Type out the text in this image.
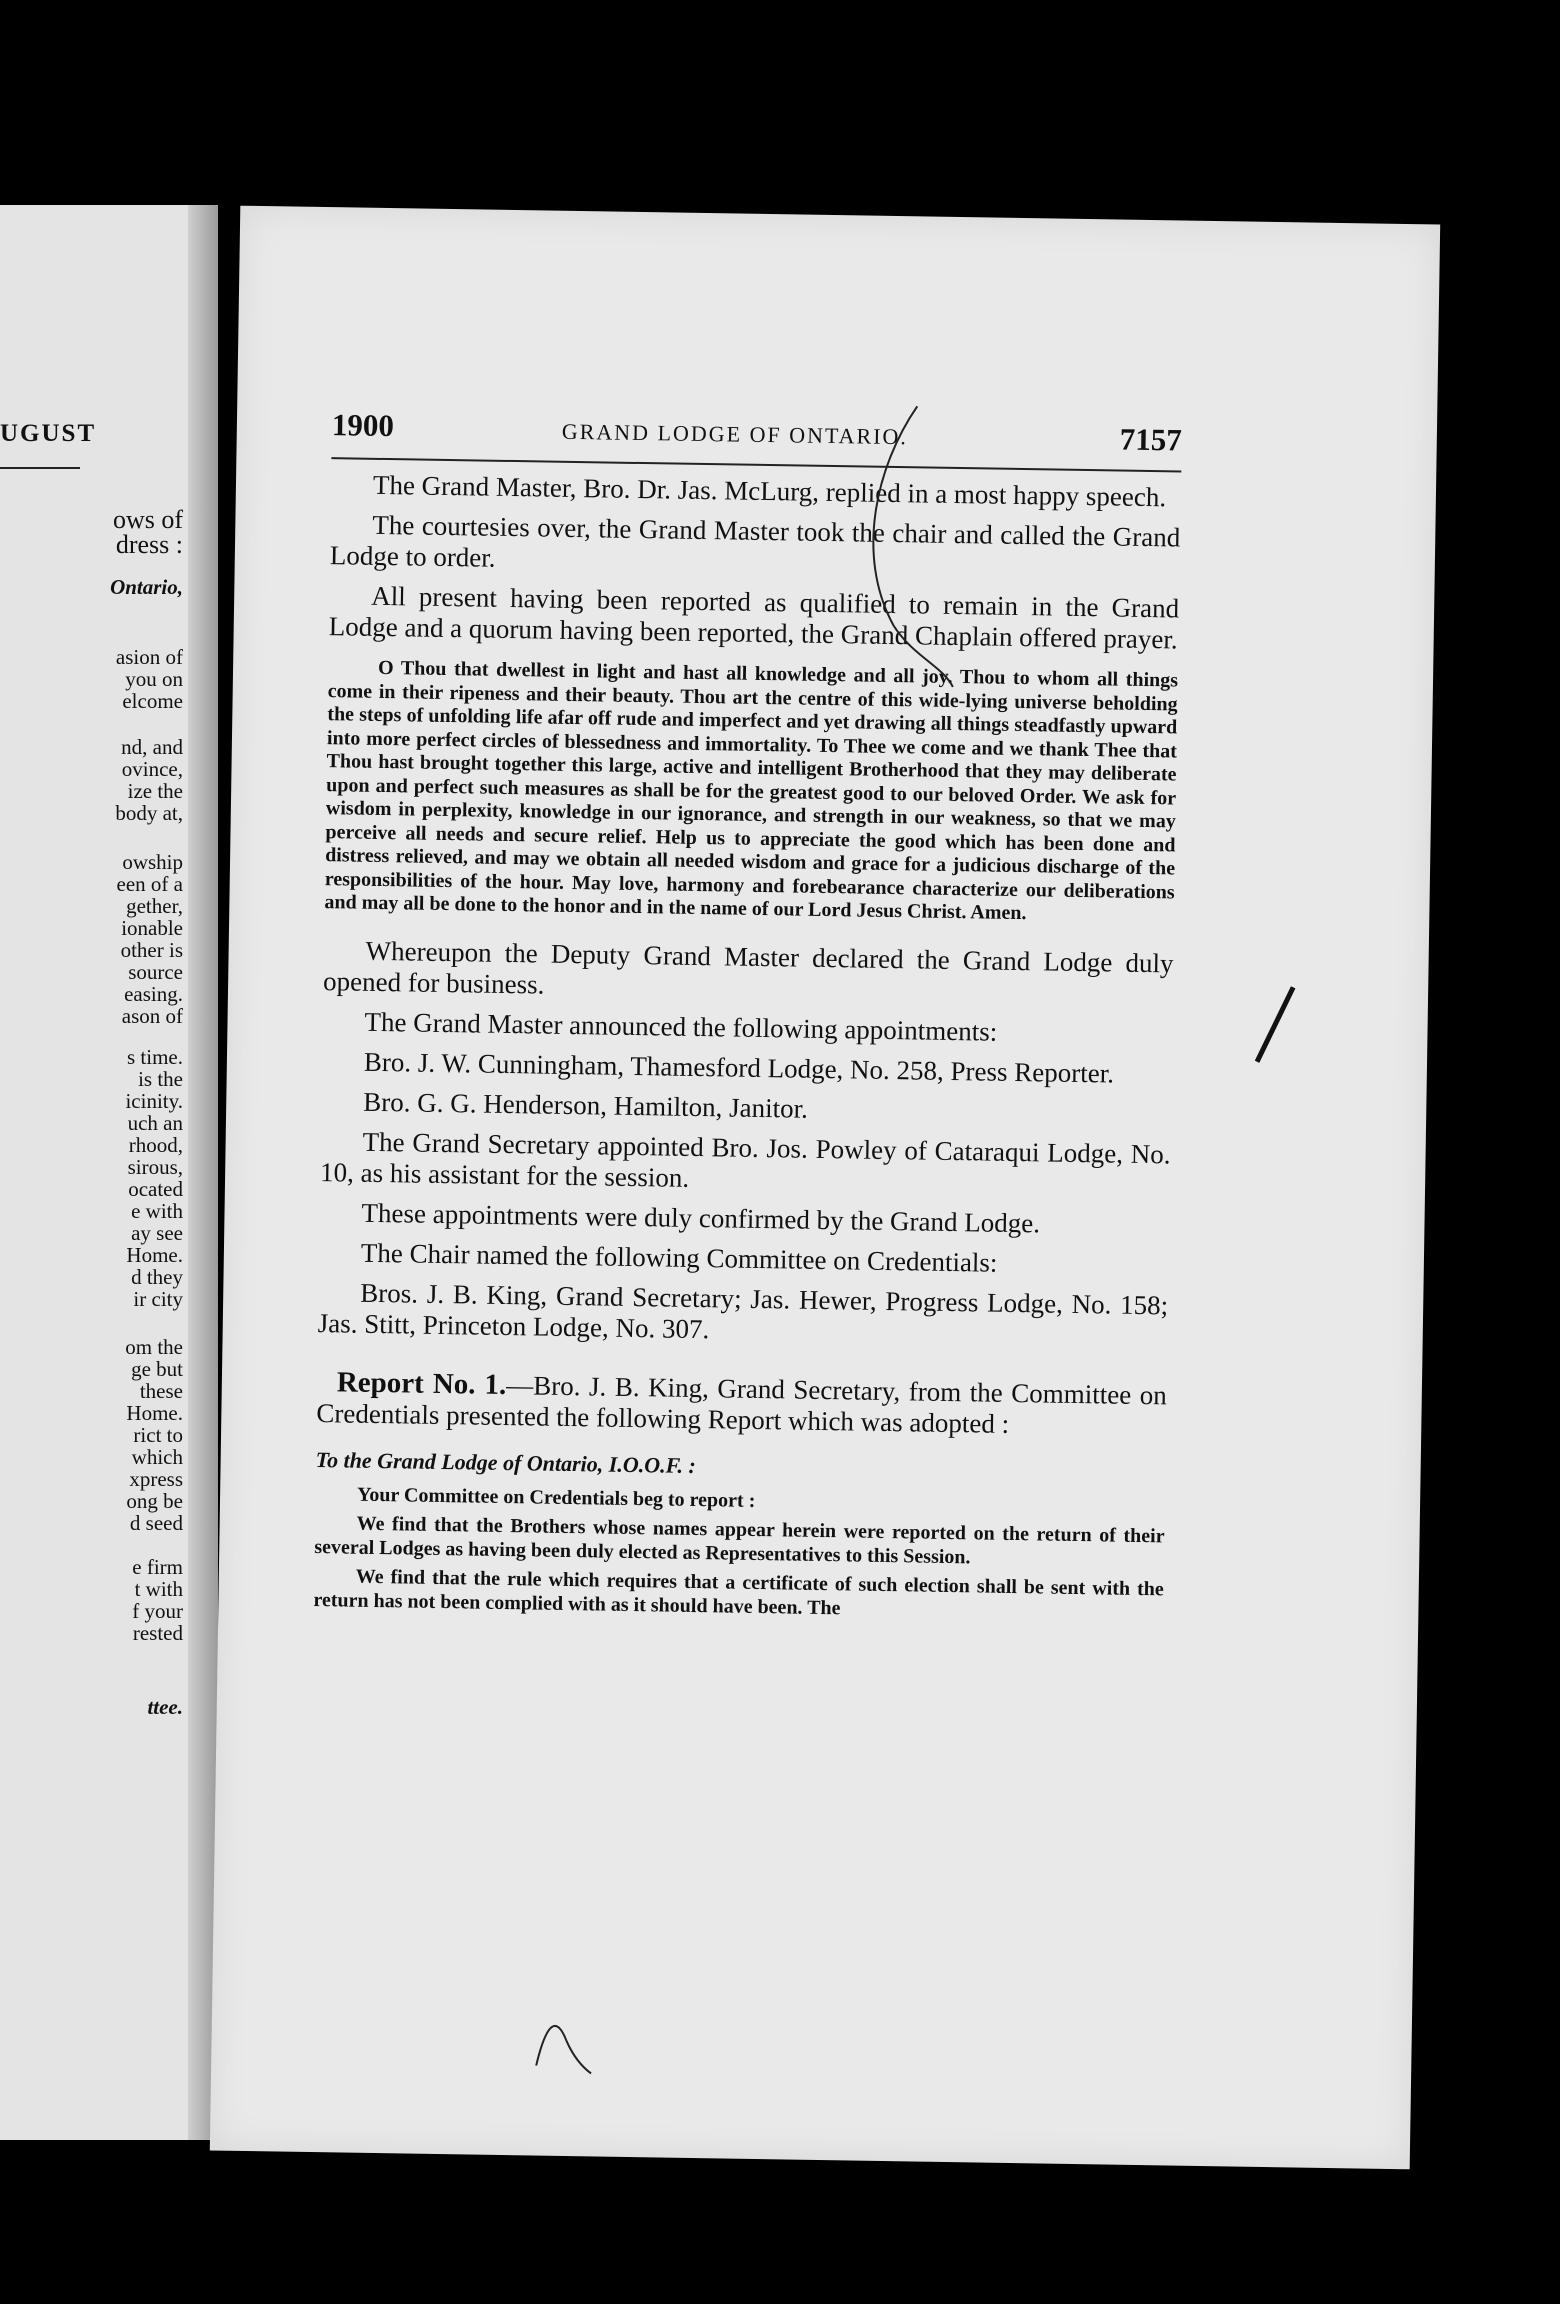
UGUST
ows of
dress :
Ontario,
asion of
you on
elcome
nd, and
ovince,
ize the
body at,
owship
een of a
gether,
ionable
other is
source
easing.
ason of
s time.
is the
icinity.
uch an
rhood,
sirous,
ocated
e with
ay see
Home.
d they
ir city
om the
ge but
these
Home.
rict to
which
xpress
ong be
d seed
e firm
t with
f your
rested
ttee.
1900	GRAND LODGE OF ONTARIO.	7157

The Grand Master, Bro. Dr. Jas. McLurg, replied in a most happy speech.

The courtesies over, the Grand Master took the chair and called the Grand Lodge to order.

All present having been reported as qualified to remain in the Grand Lodge and a quorum having been reported, the Grand Chaplain offered prayer.

O Thou that dwellest in light and hast all knowledge and all joy. Thou to whom all things come in their ripeness and their beauty. Thou art the centre of this wide-lying universe beholding the steps of unfolding life afar off rude and imperfect and yet drawing all things steadfastly upward into more perfect circles of blessedness and immortality. To Thee we come and we thank Thee that Thou hast brought together this large, active and intelligent Brotherhood that they may deliberate upon and perfect such measures as shall be for the greatest good to our beloved Order. We ask for wisdom in perplexity, knowledge in our ignorance, and strength in our weakness, so that we may perceive all needs and secure relief. Help us to appreciate the good which has been done and distress relieved, and may we obtain all needed wisdom and grace for a judicious discharge of the responsibilities of the hour. May love, harmony and forebearance characterize our deliberations and may all be done to the honor and in the name of our Lord Jesus Christ. Amen.

Whereupon the Deputy Grand Master declared the Grand Lodge duly opened for business.

The Grand Master announced the following appointments:

Bro. J. W. Cunningham, Thamesford Lodge, No. 258, Press Reporter.

Bro. G. G. Henderson, Hamilton, Janitor.

The Grand Secretary appointed Bro. Jos. Powley of Cataraqui Lodge, No. 10, as his assistant for the session.

These appointments were duly confirmed by the Grand Lodge.

The Chair named the following Committee on Credentials:

Bros. J. B. King, Grand Secretary; Jas. Hewer, Progress Lodge, No. 158; Jas. Stitt, Princeton Lodge, No. 307.

Report No. 1.—Bro. J. B. King, Grand Secretary, from the Committee on Credentials presented the following Report which was adopted :

To the Grand Lodge of Ontario, I.O.O.F. :

Your Committee on Credentials beg to report :

We find that the Brothers whose names appear herein were reported on the return of their several Lodges as having been duly elected as Representatives to this Session.

We find that the rule which requires that a certificate of such election shall be sent with the return has not been complied with as it should have been. The
